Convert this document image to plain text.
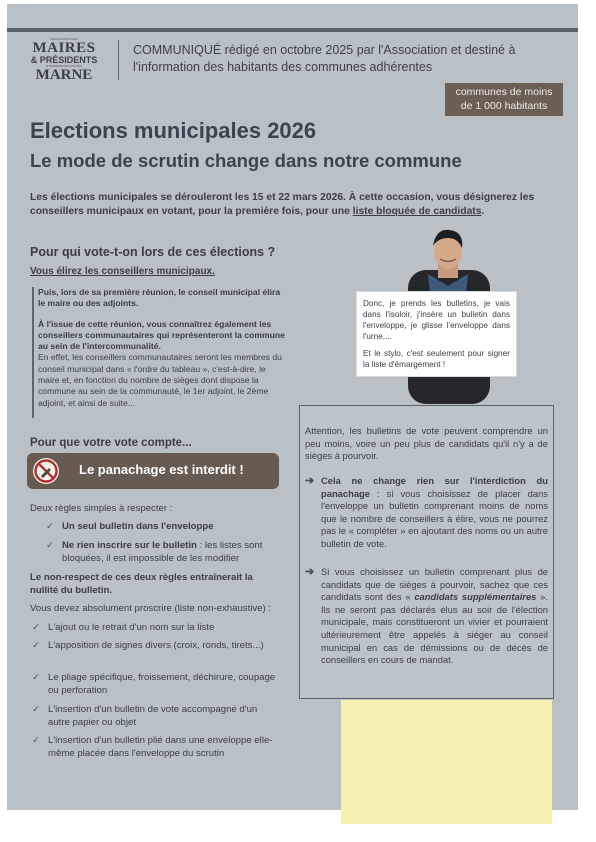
ASSOCIATION DES
MAIRES
& PRÉSIDENTS
D'INTERCOMMUNALITÉS
MARNE
COMMUNIQUÉ rédigé en octobre 2025 par l'Association et destiné à l'information des habitants des communes adhérentes
communes de moins
de 1 000 habitants
Elections municipales 2026
Le mode de scrutin change dans notre commune
Les élections municipales se dérouleront les 15 et 22 mars 2026. À cette occasion, vous désignerez les conseillers municipaux en votant, pour la première fois, pour une liste bloquée de candidats.
Pour qui vote-t-on lors de ces élections ?
Vous élirez les conseillers municipaux.

Puis, lors de sa première réunion, le conseil municipal élira le maire ou des adjoints.

À l'issue de cette réunion, vous connaîtrez également les conseillers communautaires qui représenteront la commune au sein de l'intercommunalité.
En effet, les conseillers communautaires seront les membres du conseil municipal dans « l'ordre du tableau », c'est-à-dire, le maire et, en fonction du nombre de sièges dont dispose la commune au sein de la communauté, le 1er adjoint, le 2ème adjoint, et ainsi de suite...

Pour que votre vote compte...
Le panachage est interdit !
Deux règles simples à respecter :
✓ Un seul bulletin dans l'enveloppe
✓ Ne rien inscrire sur le bulletin : les listes sont bloquées, il est impossible de les modifier
Le non-respect de ces deux règles entraînerait la nullité du bulletin.
Vous devez absolument proscrire (liste non-exhaustive) :
✓ L'ajout ou le retrait d'un nom sur la liste
✓ L'apposition de signes divers (croix, ronds, tirets...)
✓ Le pliage spécifique, froissement, déchirure, coupage ou perforation
✓ L'insertion d'un bulletin de vote accompagné d'un autre papier ou objet
✓ L'insertion d'un bulletin plié dans une enveloppe elle-même placée dans l'enveloppe du scrutin

Donc, je prends les bulletins, je vais dans l'isoloir, j'insère un bulletin dans l'enveloppe, je glisse l'enveloppe dans l'urne,...

Et le stylo, c'est seulement pour signer la liste d'émargement !

Attention, les bulletins de vote peuvent comprendre un peu moins, voire un peu plus de candidats qu'il n'y a de sièges à pourvoir.
➔ Cela ne change rien sur l'interdiction du panachage : si vous choisissez de placer dans l'enveloppe un bulletin comprenant moins de noms que le nombre de conseillers à élire, vous ne pourrez pas le « compléter » en ajoutant des noms ou un autre bulletin de vote.
➔ Si vous choisissez un bulletin comprenant plus de candidats que de sièges à pourvoir, sachez que ces candidats sont des « candidats supplémentaires ». Ils ne seront pas déclarés élus au soir de l'élection municipale, mais constitueront un vivier et pourraient ultérieurement être appelés à siéger au conseil municipal en cas de démissions ou de décès de conseillers en cours de mandat.
